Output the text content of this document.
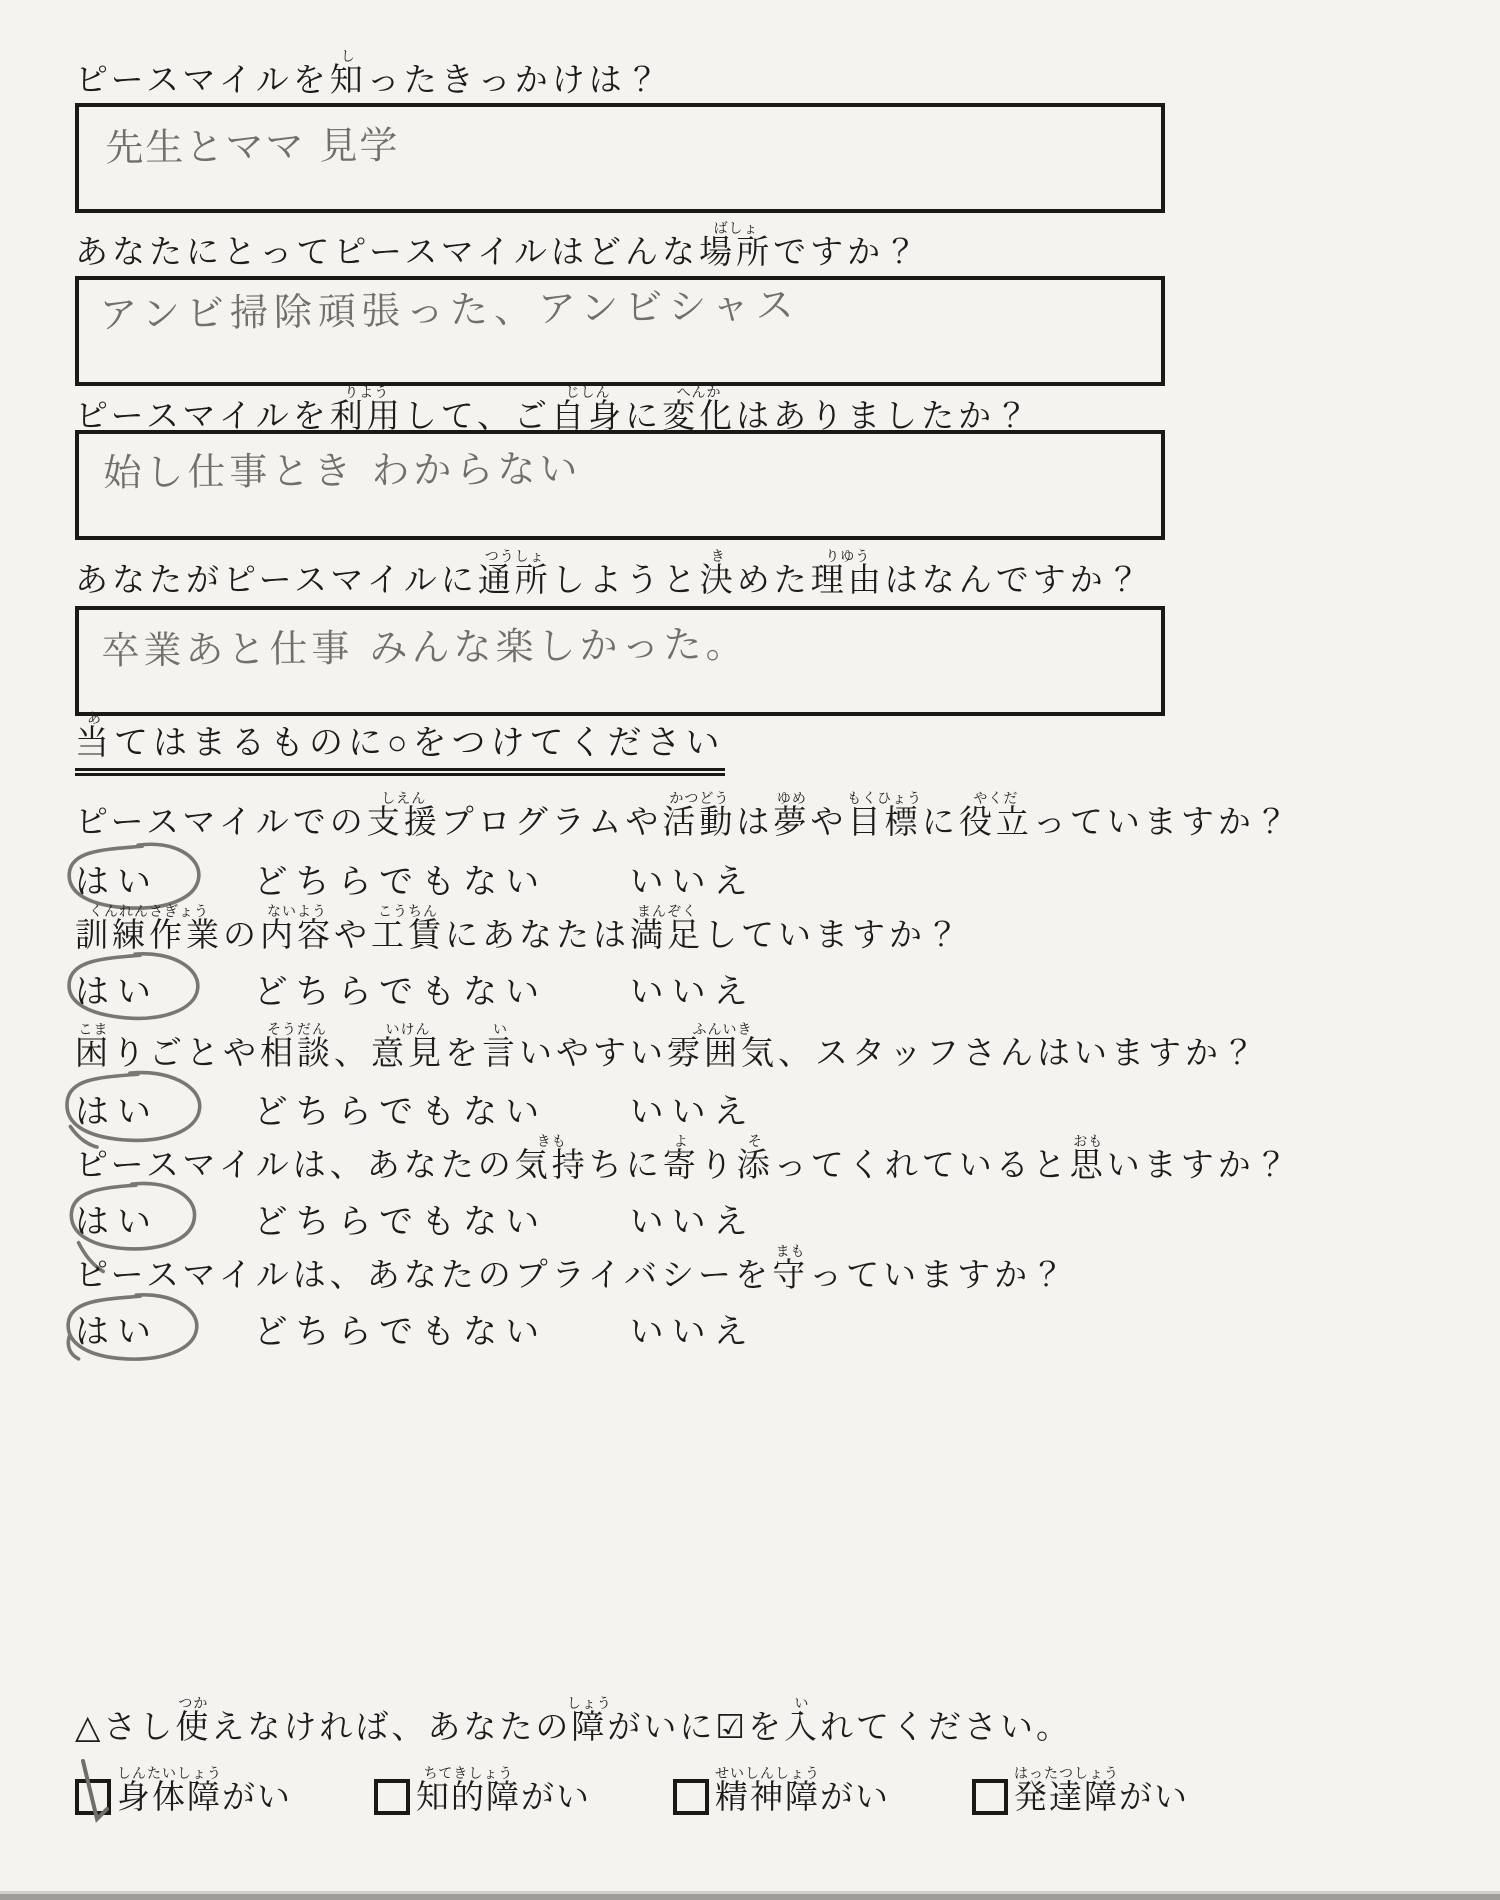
ピースマイルを知しったきっかけは？
先生とママ 見学
あなたにとってピースマイルはどんな場所ばしょですか？
アンビ掃除頑張った、アンビシャス
ピースマイルを利用りようして、ご自身じしんに変化へんかはありましたか？
始し仕事とき わからない
あなたがピースマイルに通所つうしょしようと決きめた理由りゆうはなんですか？
卒業あと仕事 みんな楽しかった。
当あてはまるものに○をつけてください
ピースマイルでの支援しえんプログラムや活動かつどうは夢ゆめや目標もくひょうに役立やくだっていますか？
はい	どちらでもない いいえ
訓練作業くんれんさぎょうの内容ないようや工賃こうちんにあなたは満足まんぞくしていますか？
はい	どちらでもない いいえ
困こまりごとや相談そうだん、意見いけんを言いいやすい雰囲気ふんいき、スタッフさんはいますか？
はい	どちらでもない いいえ
ピースマイルは、あなたの気持きもちに寄より添そってくれていると思おもいますか？
はい	どちらでもない いいえ
ピースマイルは、あなたのプライバシーを守まもっていますか？
はい	どちらでもない いいえ
△さし使つかえなければ、あなたの障しょうがいに☑を入いれてください。
身体障しんたいしょうがい	知的障ちてきしょうがい	精神障せいしんしょうがい	発達障はったつしょうがい
